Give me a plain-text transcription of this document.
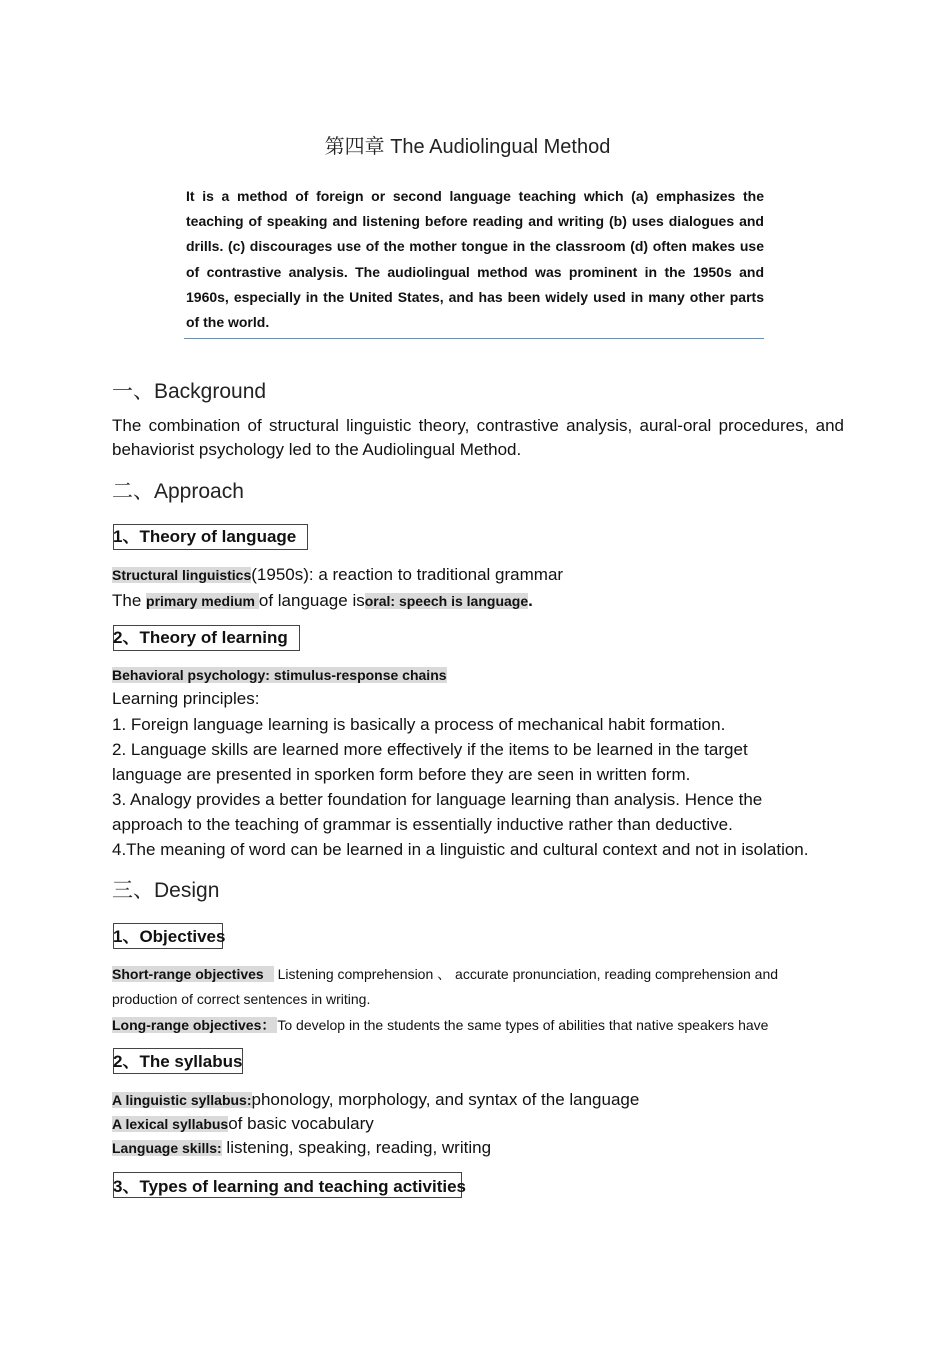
第四章 The Audiolingual Method
It is a method of foreign or second language teaching which (a) emphasizes the teaching of speaking and listening before reading and writing (b) uses dialogues and drills. (c) discourages use of the mother tongue in the classroom (d) often makes use of contrastive analysis. The audiolingual method was prominent in the 1950s and 1960s, especially in the United States, and has been widely used in many other parts of the world.
一、Background
The combination of structural linguistic theory, contrastive analysis, aural-oral procedures, and behaviorist psychology led to the Audiolingual Method.
二、Approach
1、Theory of language
Structural linguistics(1950s): a reaction to traditional grammar
The primary medium of language isoral: speech is language.
2、Theory of learning
Behavioral psychology: stimulus-response chains
Learning principles:
1. Foreign language learning is basically a process of mechanical habit formation.
2. Language skills are learned more effectively if the items to be learned in the target language are presented in sporken form before they are seen in written form.
3. Analogy provides a better foundation for language learning than analysis. Hence the approach to the teaching of grammar is essentially inductive rather than deductive.
4.The meaning of word can be learned in a linguistic and cultural context and not in isolation.
三、Design
1、Objectives
Short-range objectives Listening comprehension 、 accurate pronunciation, reading comprehension and
production of correct sentences in writing.
Long-range objectives： To develop in the students the same types of abilities that native speakers have
2、The syllabus
A linguistic syllabus:phonology, morphology, and syntax of the language
A lexical syllabusof basic vocabulary
Language skills: listening, speaking, reading, writing
3、Types of learning and teaching activities
